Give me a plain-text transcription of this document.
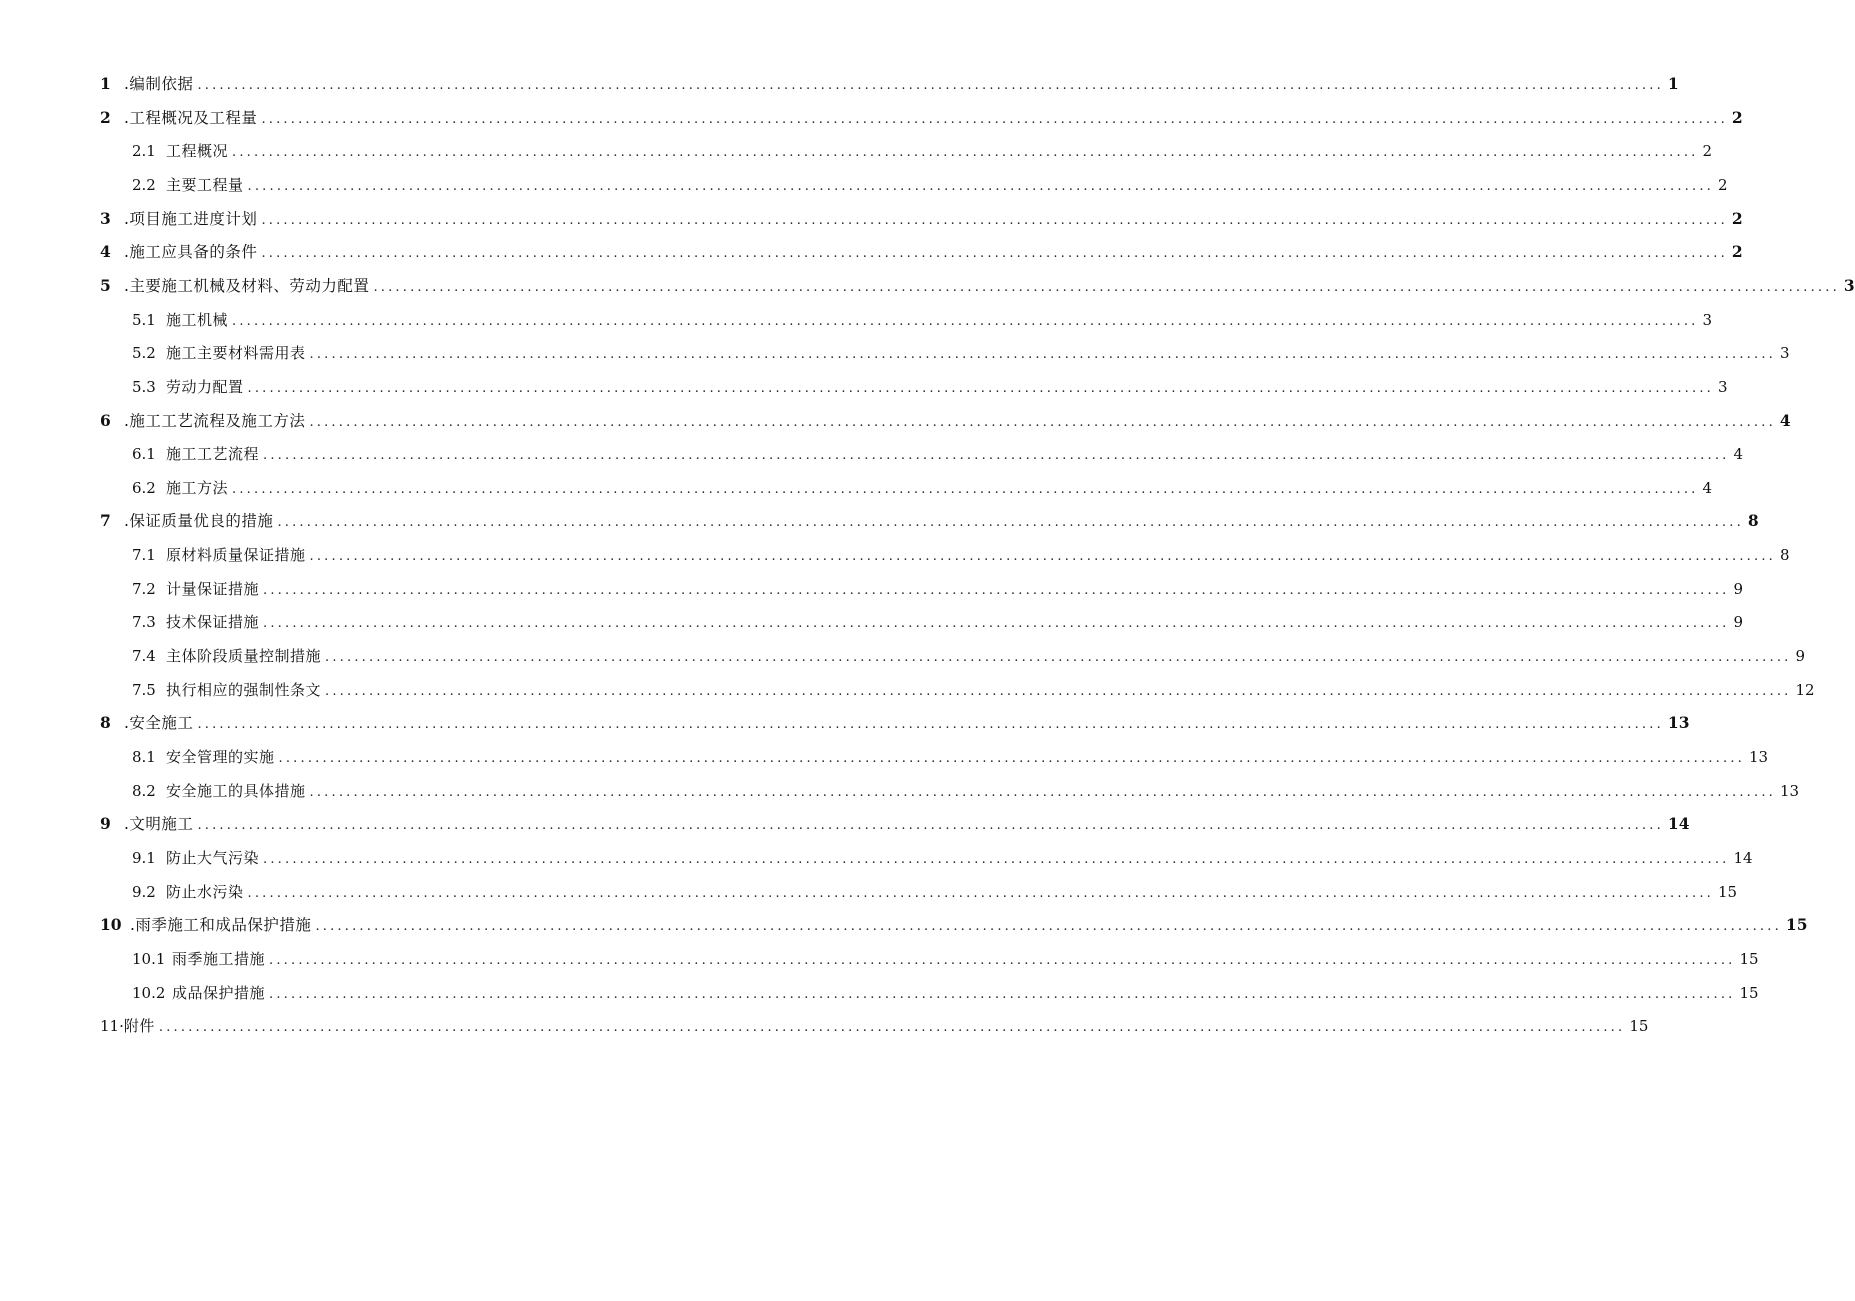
1 .编制依据 ........................................................................................................................................................................................................ 1
2 .工程概况及工程量 ........................................................................................................................................................................................................ 2
2.1 工程概况 ........................................................................................................................................................................................................ 2
2.2 主要工程量 ........................................................................................................................................................................................................ 2
3 .项目施工进度计划 ........................................................................................................................................................................................................ 2
4 .施工应具备的条件 ........................................................................................................................................................................................................ 2
5 .主要施工机械及材料、劳动力配置 ........................................................................................................................................................................................................ 3
5.1 施工机械 ........................................................................................................................................................................................................ 3
5.2 施工主要材料需用表 ........................................................................................................................................................................................................ 3
5.3 劳动力配置 ........................................................................................................................................................................................................ 3
6 .施工工艺流程及施工方法 ........................................................................................................................................................................................................ 4
6.1 施工工艺流程 ........................................................................................................................................................................................................ 4
6.2 施工方法 ........................................................................................................................................................................................................ 4
7 .保证质量优良的措施 ........................................................................................................................................................................................................ 8
7.1 原材料质量保证措施 ........................................................................................................................................................................................................ 8
7.2 计量保证措施 ........................................................................................................................................................................................................ 9
7.3 技术保证措施 ........................................................................................................................................................................................................ 9
7.4 主体阶段质量控制措施 ........................................................................................................................................................................................................ 9
7.5 执行相应的强制性条文 ........................................................................................................................................................................................................ 12
8 .安全施工 ........................................................................................................................................................................................................ 13
8.1 安全管理的实施 ........................................................................................................................................................................................................ 13
8.2 安全施工的具体措施 ........................................................................................................................................................................................................ 13
9 .文明施工 ........................................................................................................................................................................................................ 14
9.1 防止大气污染 ........................................................................................................................................................................................................ 14
9.2 防止水污染 ........................................................................................................................................................................................................ 15
10 .雨季施工和成品保护措施 ........................................................................................................................................................................................................ 15
10.1 雨季施工措施 ........................................................................................................................................................................................................ 15
10.2 成品保护措施 ........................................................................................................................................................................................................ 15
11· 附件 ........................................................................................................................................................................................................ 15
